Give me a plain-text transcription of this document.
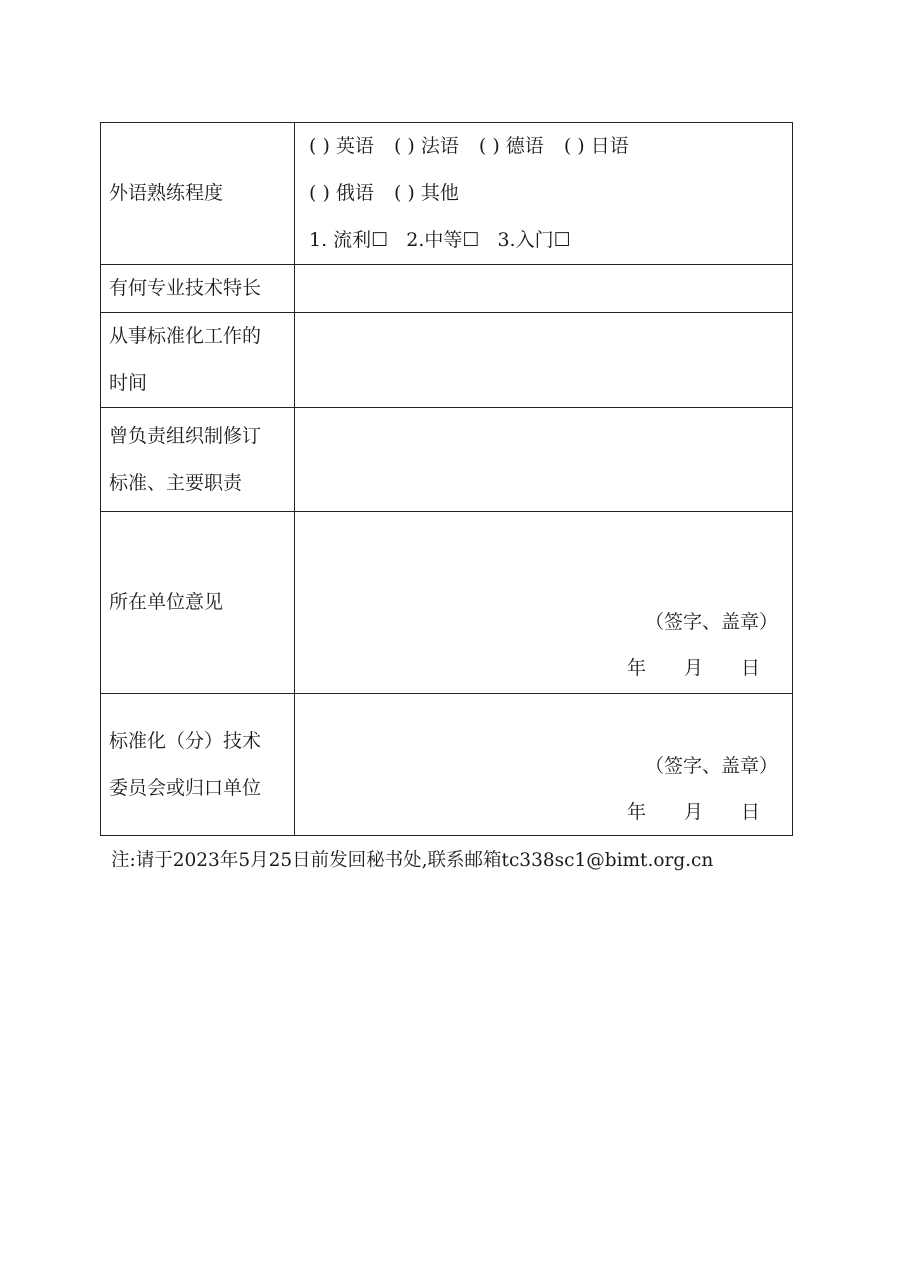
外语熟练程度	( ) 英语 ( ) 法语 ( ) 德语 ( ) 日语
( ) 俄语 ( ) 其他
1. 流利☐ 2.中等☐ 3.入门☐

有何专业技术特长	

从事标准化工作的
时间	

曾负责组织制修订
标准、主要职责	

所在单位意见	（签字、盖章）
年　　月　　日

标准化（分）技术
委员会或归口单位	（签字、盖章）
年　　月　　日
注:请于2023年5月25日前发回秘书处,联系邮箱tc338sc1@bimt.org.cn
